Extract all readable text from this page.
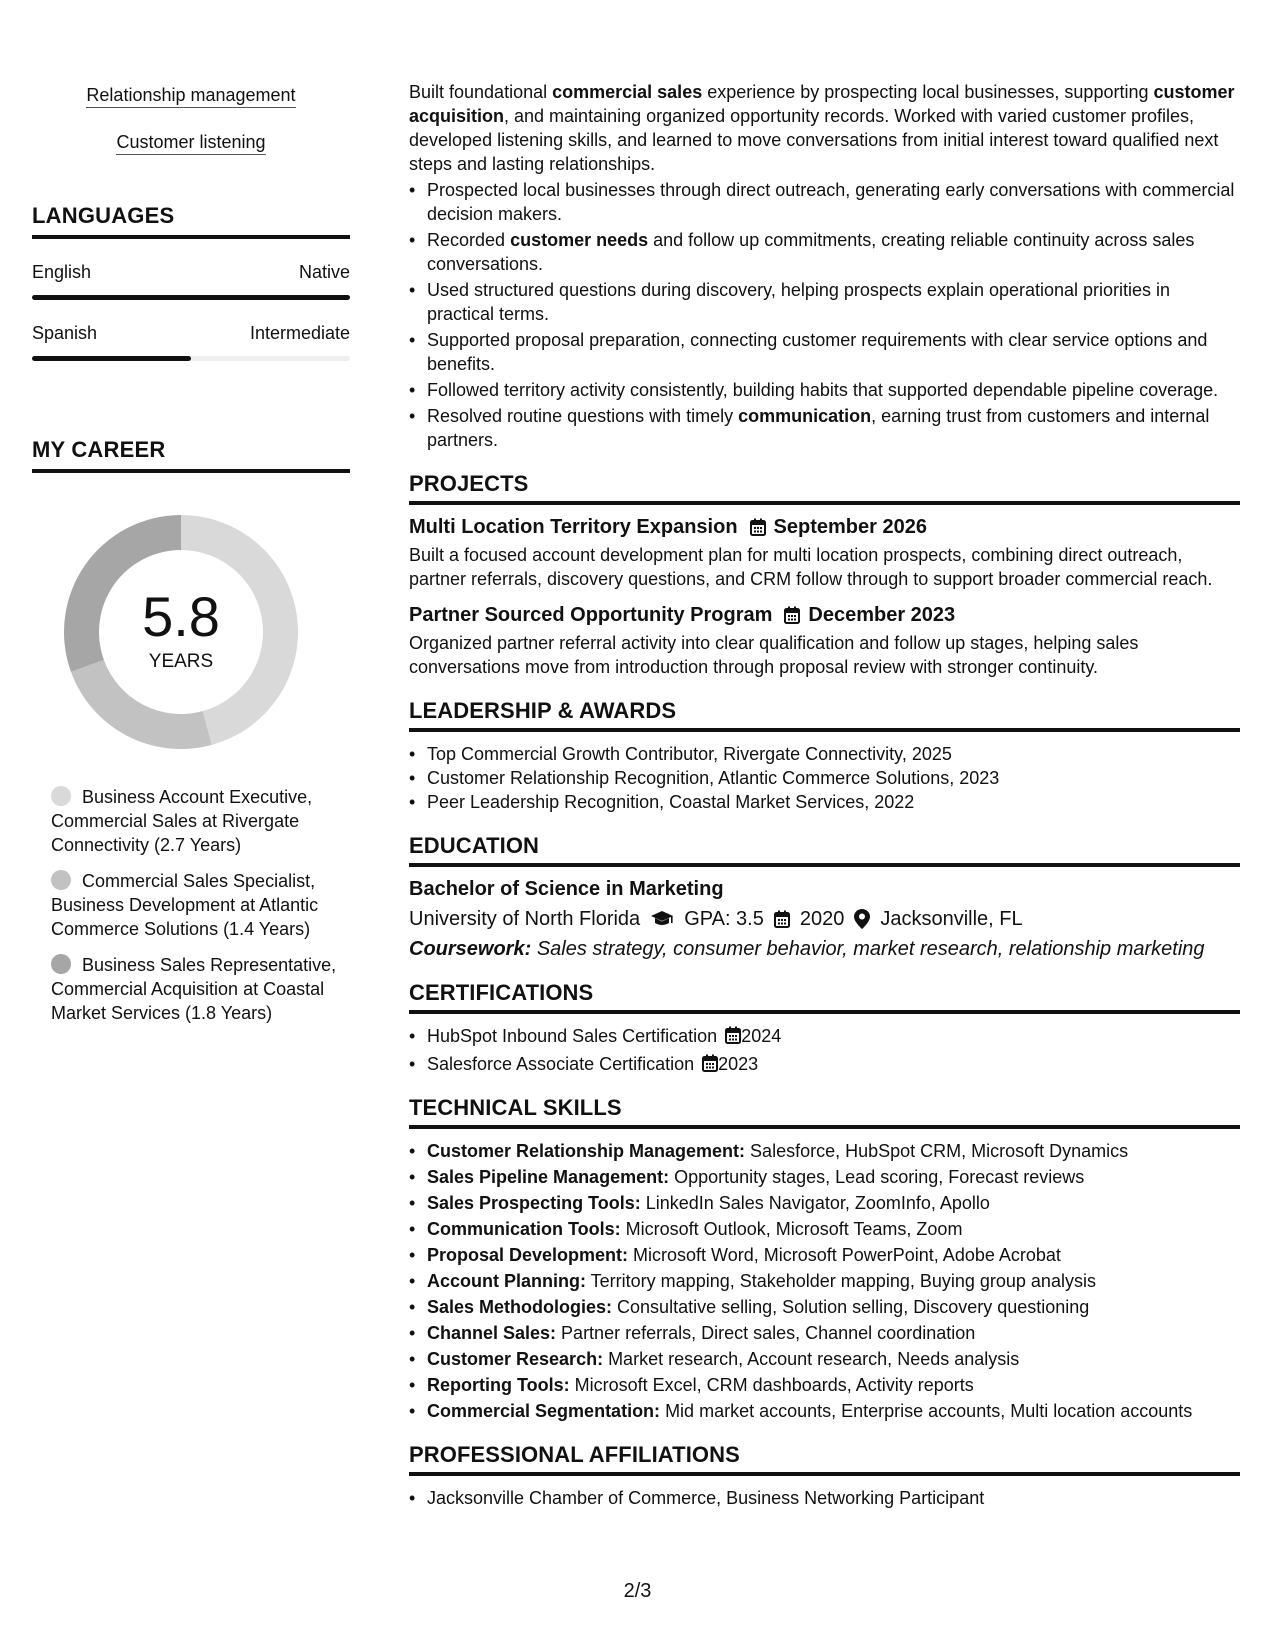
Relationship management
Customer listening
LANGUAGES
English	Native
Spanish	Intermediate
MY CAREER
5.8
YEARS
Business Account Executive, Commercial Sales at Rivergate Connectivity (2.7 Years)
Commercial Sales Specialist, Business Development at Atlantic Commerce Solutions (1.4 Years)
Business Sales Representative, Commercial Acquisition at Coastal Market Services (1.8 Years)

Built foundational commercial sales experience by prospecting local businesses, supporting customer acquisition, and maintaining organized opportunity records. Worked with varied customer profiles, developed listening skills, and learned to move conversations from initial interest toward qualified next steps and lasting relationships.

• Prospected local businesses through direct outreach, generating early conversations with commercial decision makers.
• Recorded customer needs and follow up commitments, creating reliable continuity across sales conversations.
• Used structured questions during discovery, helping prospects explain operational priorities in practical terms.
• Supported proposal preparation, connecting customer requirements with clear service options and benefits.
• Followed territory activity consistently, building habits that supported dependable pipeline coverage.
• Resolved routine questions with timely communication, earning trust from customers and internal partners.
PROJECTS
Multi Location Territory Expansion September 2026
Built a focused account development plan for multi location prospects, combining direct outreach, partner referrals, discovery questions, and CRM follow through to support broader commercial reach.
Partner Sourced Opportunity Program December 2023
Organized partner referral activity into clear qualification and follow up stages, helping sales conversations move from introduction through proposal review with stronger continuity.
LEADERSHIP & AWARDS
• Top Commercial Growth Contributor, Rivergate Connectivity, 2025
• Customer Relationship Recognition, Atlantic Commerce Solutions, 2023
• Peer Leadership Recognition, Coastal Market Services, 2022
EDUCATION
Bachelor of Science in Marketing
University of North Florida GPA: 3.5 2020 Jacksonville, FL
Coursework: Sales strategy, consumer behavior, market research, relationship marketing
CERTIFICATIONS
• HubSpot Inbound Sales Certification 2024
• Salesforce Associate Certification 2023
TECHNICAL SKILLS
• Customer Relationship Management: Salesforce, HubSpot CRM, Microsoft Dynamics
• Sales Pipeline Management: Opportunity stages, Lead scoring, Forecast reviews
• Sales Prospecting Tools: LinkedIn Sales Navigator, ZoomInfo, Apollo
• Communication Tools: Microsoft Outlook, Microsoft Teams, Zoom
• Proposal Development: Microsoft Word, Microsoft PowerPoint, Adobe Acrobat
• Account Planning: Territory mapping, Stakeholder mapping, Buying group analysis
• Sales Methodologies: Consultative selling, Solution selling, Discovery questioning
• Channel Sales: Partner referrals, Direct sales, Channel coordination
• Customer Research: Market research, Account research, Needs analysis
• Reporting Tools: Microsoft Excel, CRM dashboards, Activity reports
• Commercial Segmentation: Mid market accounts, Enterprise accounts, Multi location accounts
PROFESSIONAL AFFILIATIONS
• Jacksonville Chamber of Commerce, Business Networking Participant
2/3
